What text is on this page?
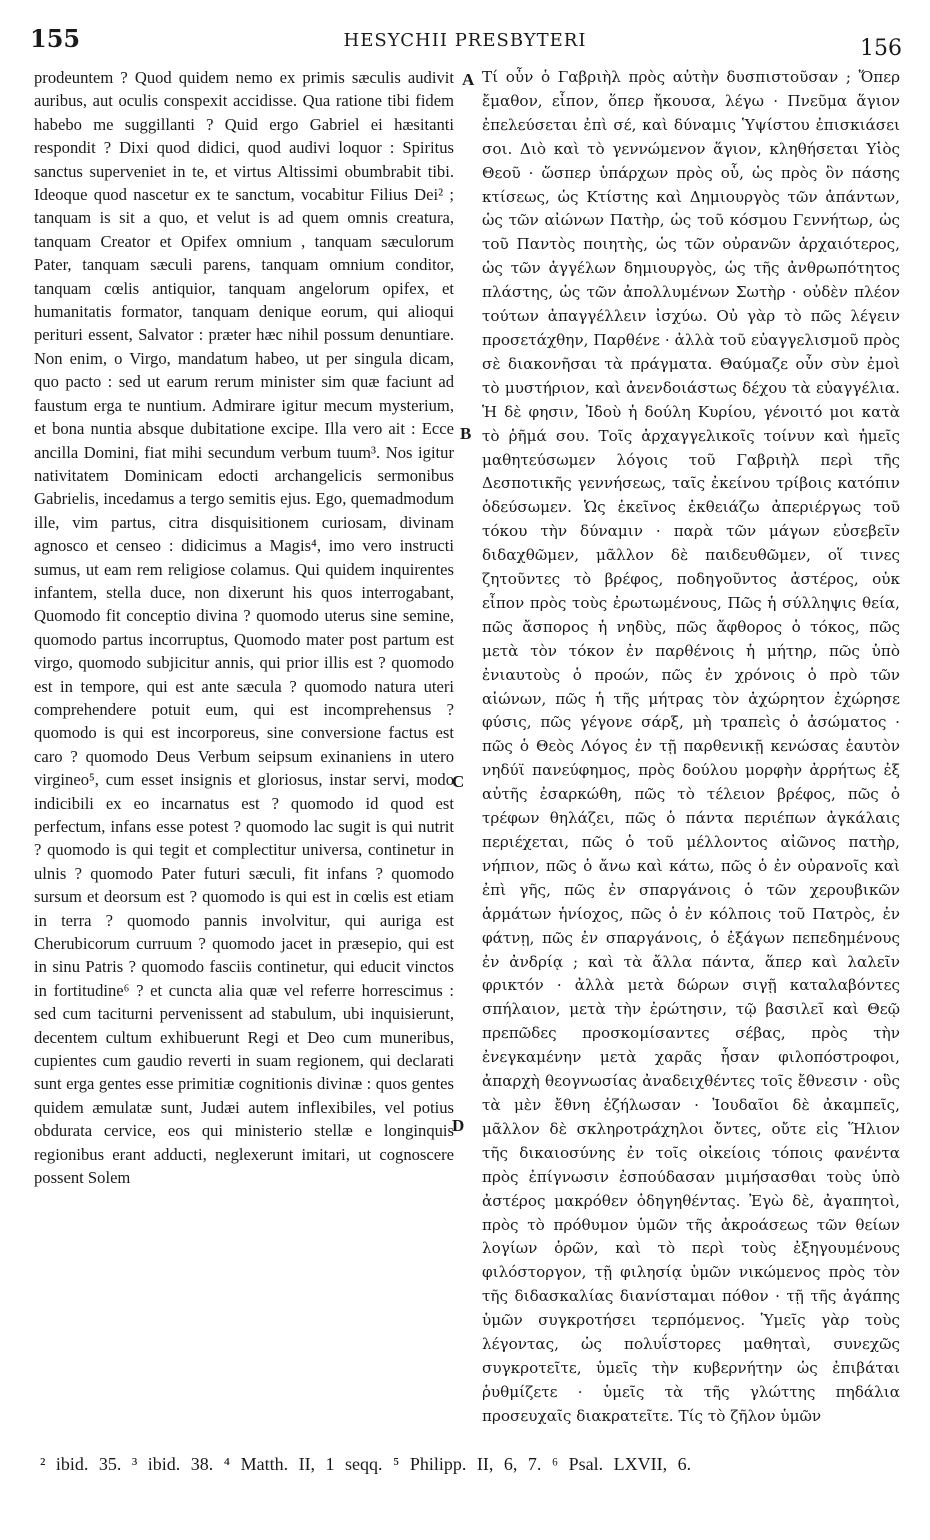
155	HESYCHII PRESBYTERI	156

prodeuntem ? Quod quidem nemo ex primis sæculis audivit auribus, aut oculis conspexit accidisse. Qua ratione tibi fidem habebo me suggillanti ? Quid ergo Gabriel ei hæsitanti respondit ? Dixi quod didici, quod audivi loquor : Spiritus sanctus superveniet in te, et virtus Altissimi obumbrabit tibi. Ideoque quod nascetur ex te sanctum, vocabitur Filius Dei² ; tanquam is sit a quo, et velut is ad quem omnis creatura, tanquam Creator et Opifex omnium , tanquam sæculorum Pater, tanquam sæculi parens, tanquam omnium conditor, tanquam cœlis antiquior, tanquam angelorum opifex, et humanitatis formator, tanquam denique eorum, qui alioqui perituri essent, Salvator : præter hæc nihil possum denuntiare. Non enim, o Virgo, mandatum habeo, ut per singula dicam, quo pacto : sed ut earum rerum minister sim quæ faciunt ad faustum erga te nuntium. Admirare igitur mecum mysterium, et bona nuntia absque dubitatione excipe. Illa vero ait : Ecce ancilla Domini, fiat mihi secundum verbum tuum³. Nos igitur nativitatem Dominicam edocti archangelicis sermonibus Gabrielis, incedamus a tergo semitis ejus. Ego, quemadmodum ille, vim partus, citra disquisitionem curiosam, divinam agnosco et censeo : didicimus a Magis⁴, imo vero instructi sumus, ut eam rem religiose colamus. Qui quidem inquirentes infantem, stella duce, non dixerunt his quos interrogabant, Quomodo fit conceptio divina ? quomodo uterus sine semine, quomodo partus incorruptus, Quomodo mater post partum est virgo, quomodo subjicitur annis, qui prior illis est ? quomodo est in tempore, qui est ante sæcula ? quomodo natura uteri comprehendere potuit eum, qui est incomprehensus ? quomodo is qui est incorporeus, sine conversione factus est caro ? quomodo Deus Verbum seipsum exinaniens in utero virgineo⁵, cum esset insignis et gloriosus, instar servi, modo indicibili ex eo incarnatus est ? quomodo id quod est perfectum, infans esse potest ? quomodo lac sugit is qui nutrit ? quomodo is qui tegit et complectitur universa, continetur in ulnis ? quomodo Pater futuri sæculi, fit infans ? quomodo sursum et deorsum est ? quomodo is qui est in cœlis est etiam in terra ? quomodo pannis involvitur, qui auriga est Cherubicorum curruum ? quomodo jacet in præsepio, qui est in sinu Patris ? quomodo fasciis continetur, qui educit vinctos in fortitudine⁶ ? et cuncta alia quæ vel referre horrescimus : sed cum taciturni pervenissent ad stabulum, ubi inquisierunt, decentem cultum exhibuerunt Regi et Deo cum muneribus, cupientes cum gaudio reverti in suam regionem, qui declarati sunt erga gentes esse primitiæ cognitionis divinæ : quos gentes quidem æmulatæ sunt, Judæi autem inflexibiles, vel potius obdurata cervice, eos qui ministerio stellæ e longinquis regionibus erant adducti, neglexerunt imitari, ut cognoscere possent Solem

A
B
C
D

Τί οὖν ὁ Γαβριὴλ πρὸς αὐτὴν δυσπιστοῦσαν ; Ὅπερ ἔμαθον, εἶπον, ὅπερ ἤκουσα, λέγω · Πνεῦμα ἅγιον ἐπελεύσεται ἐπὶ σέ, καὶ δύναμις Ὑψίστου ἐπισκιάσει σοι. Διὸ καὶ τὸ γεννώμενον ἅγιον, κληθήσεται Υἱὸς Θεοῦ · ὥσπερ ὑπάρχων πρὸς οὗ, ὡς πρὸς ὃν πάσης κτίσεως, ὡς Κτίστης καὶ Δημιουργὸς τῶν ἁπάντων, ὡς τῶν αἰώνων Πατὴρ, ὡς τοῦ κόσμου Γεννήτωρ, ὡς τοῦ Παντὸς ποιητὴς, ὡς τῶν οὐρανῶν ἀρχαιότερος, ὡς τῶν ἀγγέλων δημιουργὸς, ὡς τῆς ἀνθρωπότητος πλάστης, ὡς τῶν ἀπολλυμένων Σωτὴρ · οὐδὲν πλέον τούτων ἀπαγγέλλειν ἰσχύω. Οὐ γὰρ τὸ πῶς λέγειν προσετάχθην, Παρθένε · ἀλλὰ τοῦ εὐαγγελισμοῦ πρὸς σὲ διακονῆσαι τὰ πράγματα. Θαύμαζε οὖν σὺν ἐμοὶ τὸ μυστήριον, καὶ ἀνενδοιάστως δέχου τὰ εὐαγγέλια. Ἡ δὲ φησιν, Ἰδοὺ ἡ δούλη Κυρίου, γένοιτό μοι κατὰ τὸ ῥῆμά σου. Τοῖς ἀρχαγγελικοῖς τοίνυν καὶ ἡμεῖς μαθητεύσωμεν λόγοις τοῦ Γαβριὴλ περὶ τῆς Δεσποτικῆς γεννήσεως, ταῖς ἐκείνου τρίβοις κατόπιν ὁδεύσωμεν. Ὡς ἐκεῖνος ἐκθειάζω ἀπεριέργως τοῦ τόκου τὴν δύναμιν · παρὰ τῶν μάγων εὐσεβεῖν διδαχθῶμεν, μᾶλλον δὲ παιδευθῶμεν, οἵ τινες ζητοῦντες τὸ βρέφος, ποδηγοῦντος ἀστέρος, οὐκ εἶπον πρὸς τοὺς ἐρωτωμένους, Πῶς ἡ σύλληψις θεία, πῶς ἄσπορος ἡ νηδὺς, πῶς ἄφθορος ὁ τόκος, πῶς μετὰ τὸν τόκον ἐν παρθένοις ἡ μήτηρ, πῶς ὑπὸ ἐνιαυτοὺς ὁ προών, πῶς ἐν χρόνοις ὁ πρὸ τῶν αἰώνων, πῶς ἡ τῆς μήτρας τὸν ἀχώρητον ἐχώρησε φύσις, πῶς γέγονε σάρξ, μὴ τραπεὶς ὁ ἀσώματος · πῶς ὁ Θεὸς Λόγος ἐν τῇ παρθενικῇ κενώσας ἑαυτὸν νηδύϊ πανεύφημος, πρὸς δούλου μορφὴν ἀρρήτως ἐξ αὐτῆς ἐσαρκώθη, πῶς τὸ τέλειον βρέφος, πῶς ὁ τρέφων θηλάζει, πῶς ὁ πάντα περιέπων ἀγκάλαις περιέχεται, πῶς ὁ τοῦ μέλλοντος αἰῶνος πατὴρ, νήπιον, πῶς ὁ ἄνω καὶ κάτω, πῶς ὁ ἐν οὐρανοῖς καὶ ἐπὶ γῆς, πῶς ἐν σπαργάνοις ὁ τῶν χερουβικῶν ἁρμάτων ἡνίοχος, πῶς ὁ ἐν κόλποις τοῦ Πατρὸς, ἐν φάτνῃ, πῶς ἐν σπαργάνοις, ὁ ἐξάγων πεπεδημένους ἐν ἀνδρίᾳ ; καὶ τὰ ἄλλα πάντα, ἅπερ καὶ λαλεῖν φρικτόν · ἀλλὰ μετὰ δώρων σιγῇ καταλαβόντες σπήλαιον, μετὰ τὴν ἐρώτησιν, τῷ βασιλεῖ καὶ Θεῷ πρεπῶδες προσκομίσαντες σέβας, πρὸς τὴν ἐνεγκαμένην μετὰ χαρᾶς ἦσαν φιλοπόστροφοι, ἀπαρχὴ θεογνωσίας ἀναδειχθέντες τοῖς ἔθνεσιν · οὓς τὰ μὲν ἔθνη ἐζήλωσαν · Ἰουδαῖοι δὲ ἀκαμπεῖς, μᾶλλον δὲ σκληροτράχηλοι ὄντες, οὔτε εἰς Ἥλιον τῆς δικαιοσύνης ἐν τοῖς οἰκείοις τόποις φανέντα πρὸς ἐπίγνωσιν ἐσπούδασαν μιμήσασθαι τοὺς ὑπὸ ἀστέρος μακρόθεν ὁδηγηθέντας. Ἐγὼ δὲ, ἀγαπητοὶ, πρὸς τὸ πρόθυμον ὑμῶν τῆς ἀκροάσεως τῶν θείων λογίων ὁρῶν, καὶ τὸ περὶ τοὺς ἐξηγουμένους φιλόστοργον, τῇ φιλησίᾳ ὑμῶν νικώμενος πρὸς τὸν τῆς διδασκαλίας διανίσταμαι πόθον · τῇ τῆς ἀγάπης ὑμῶν συγκροτήσει τερπόμενος. Ὑμεῖς γὰρ τοὺς λέγοντας, ὡς πολυΐστορες μαθηταὶ, συνεχῶς συγκροτεῖτε, ὑμεῖς τὴν κυβερνήτην ὡς ἐπιβάται ῥυθμίζετε · ὑμεῖς τὰ τῆς γλώττης πηδάλια προσευχαῖς διακρατεῖτε. Τίς τὸ ζῆλον ὑμῶν

² ibid. 35. ³ ibid. 38. ⁴ Matth. II, 1 seqq. ⁵ Philipp. II, 6, 7. ⁶ Psal. LXVII, 6.
